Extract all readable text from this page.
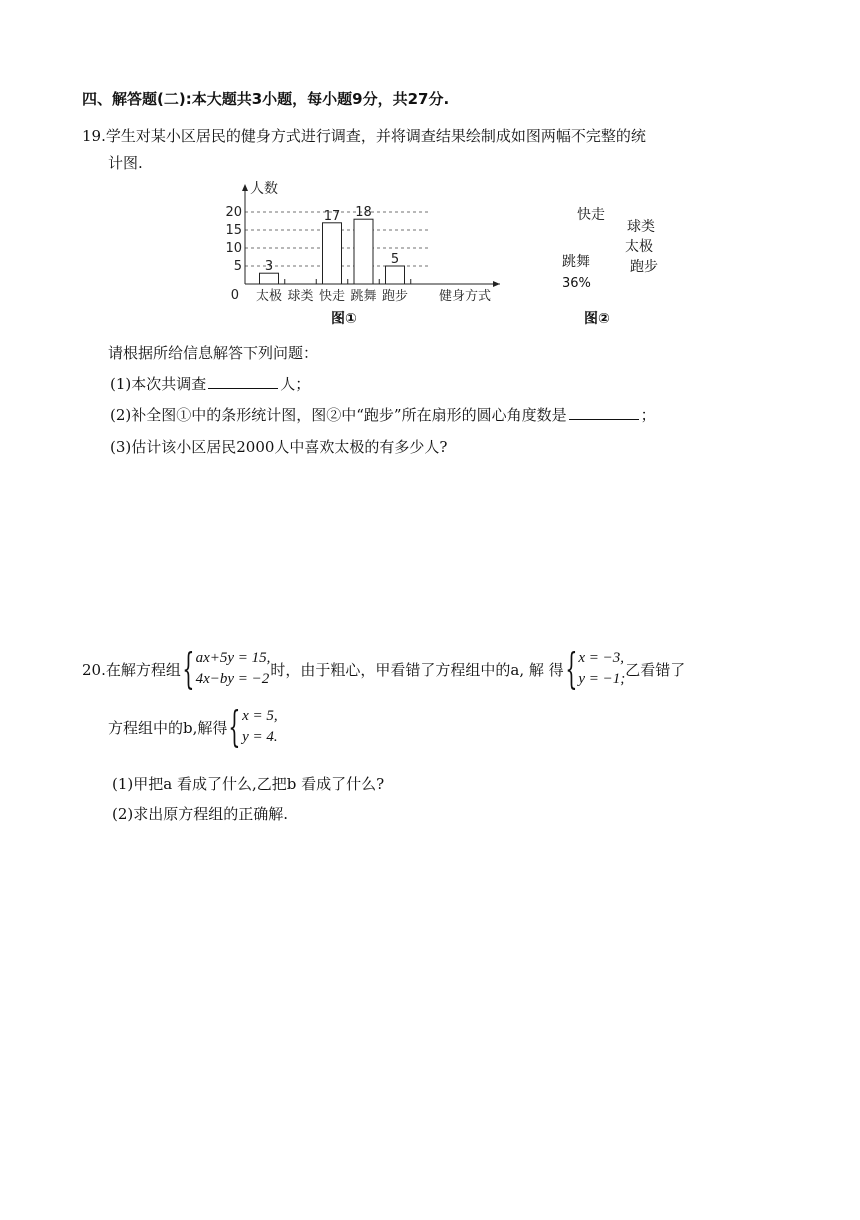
四、解答题(二):本大题共3小题，每小题9分，共27分.
19.学生对某小区居民的健身方式进行调查，并将调查结果绘制成如图两幅不完整的统
计图.
0
5
10
15
20
人数
3
太极 球类
17
快走
18
跳舞
5
跑步 健身方式
图①
快走
球类
太极
跑步
跳舞
36%
图②
请根据所给信息解答下列问题：
(1)本次共调查	人；
(2)补全图①中的条形统计图，图②中“跑步”所在扇形的圆心角度数是	；
(3)估计该小区居民2000人中喜欢太极的有多少人?
20.在解方程组 { ax+5y = 15,
4x−by = −2
时，由于粗心，甲看错了方程组中的a, 解 得 { x = −3,
y = −1;
乙看错了
方程组中的b,解得 { x = 5,
y = 4.
(1)甲把a 看成了什么,乙把b 看成了什么?
(2)求出原方程组的正确解.
